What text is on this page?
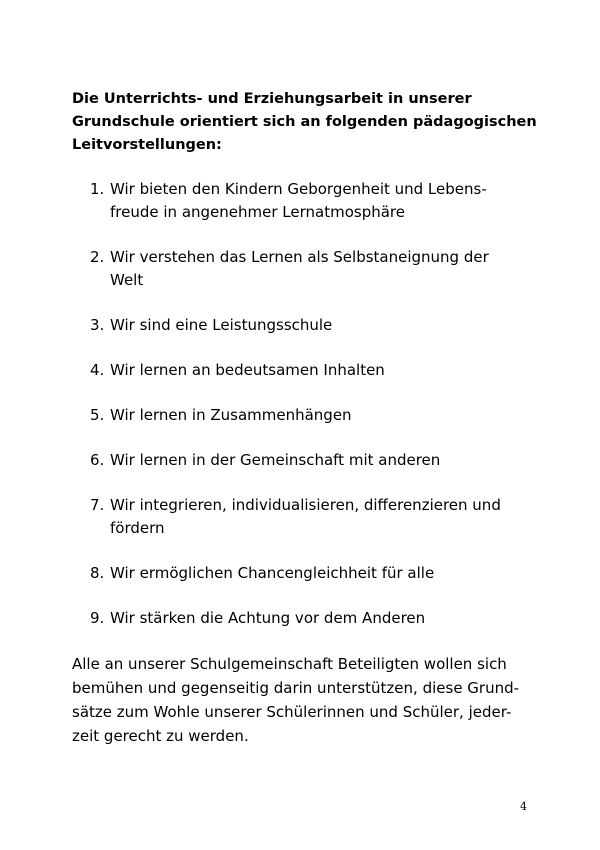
Die Unterrichts- und Erziehungsarbeit in unserer
Grundschule orientiert sich an folgenden pädagogischen
Leitvorstellungen:

1. Wir bieten den Kindern Geborgenheit und Lebens-
freude in angenehmer Lernatmosphäre
2. Wir verstehen das Lernen als Selbstaneignung der
Welt
3. Wir sind eine Leistungsschule
4. Wir lernen an bedeutsamen Inhalten
5. Wir lernen in Zusammenhängen
6. Wir lernen in der Gemeinschaft mit anderen
7. Wir integrieren, individualisieren, differenzieren und
fördern
8. Wir ermöglichen Chancengleichheit für alle
9. Wir stärken die Achtung vor dem Anderen

Alle an unserer Schulgemeinschaft Beteiligten wollen sich
bemühen und gegenseitig darin unterstützen, diese Grund-
sätze zum Wohle unserer Schülerinnen und Schüler, jeder-
zeit gerecht zu werden.

4
